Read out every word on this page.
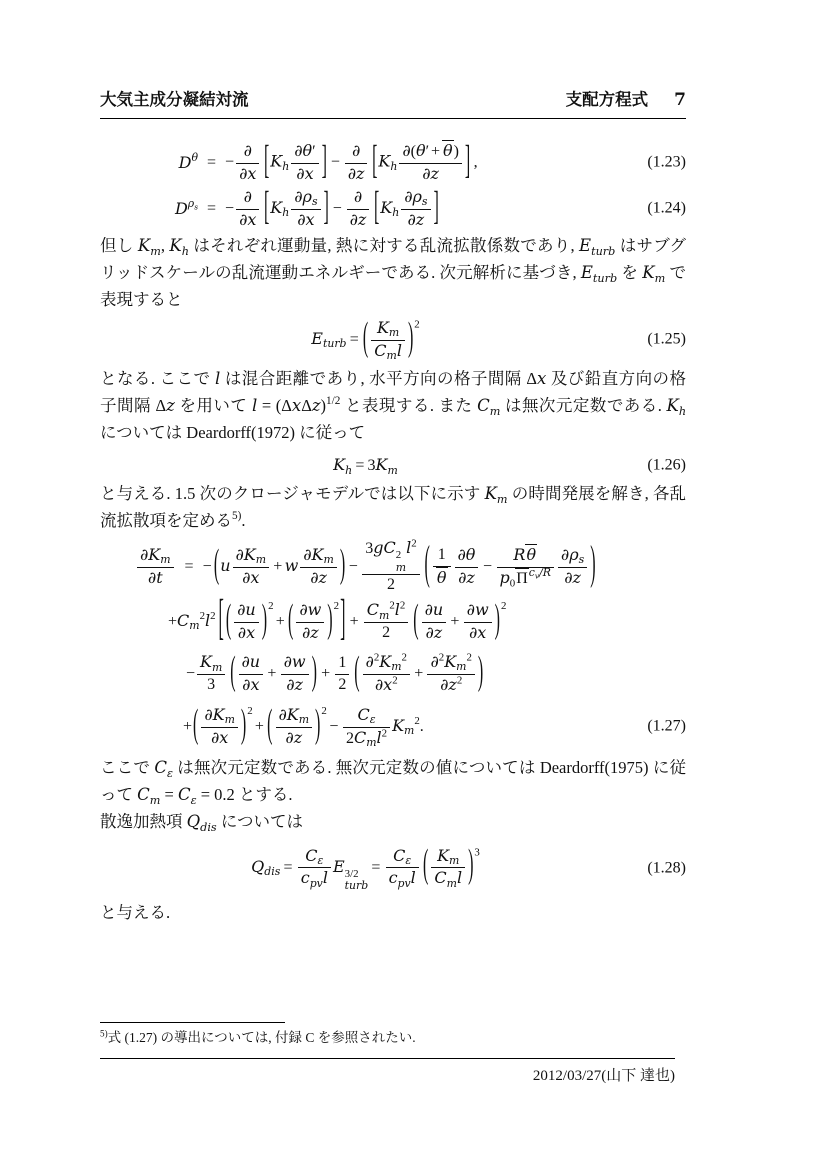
大気主成分凝結対流	支配方程式 7
D θ = −
∂
∂x [$K_h \frac{\partial\theta'}{\partial x}$ ] −
∂
∂z [$K_h \frac{\partial(\theta' + \theta)}{\partial z}$ ] ,	(1.23)
D $\rho_s$ = −
∂
∂x [$K_h \frac{\partial\rho_s}{\partial x}$ ] −
∂
∂z [$K_h \frac{\partial\rho_s}{\partial z}$ ]	(1.24)

但し $K_m$, $K_h$ はそれぞれ運動量, 熱に対する乱流拡散係数であり, $E_{turb}$ はサブグリッドスケールの乱流運動エネルギーである. 次元解析に基づき, $E_{turb}$ を $K_m$ で表現すると

$E_{turb}$ = ( $K_m$
$C_ml$ )$^2$
(1.25)

となる. ここで l は混合距離であり, 水平方向の格子間隔 Δx 及び鉛直方向の格子間隔 Δz を用いて $l = (\Delta x\Delta z)^{1/2}$ と表現する. また $C_m$ は無次元定数である. $K_h$ については Deardorff(1972) に従って

$K_h = 3K_m$	(1.26)

と与える. 1.5 次のクロージャモデルでは以下に示す $K_m$ の時間発展を解き, 各乱流拡散項を定める$^{5)}$.

$\frac{\partial K_m}{\partial t}$ = − ($u \frac{\partial K_m}{\partial x} + w \frac{\partial K_m}{\partial z}$ ) − 3gC 2
m
$l^2$
2 ( $\frac{1}{\theta} \frac{\partial\theta}{\partial z}$ −
Rθ
$p_0\Pi^{c_v/R} \frac{\partial\rho_s}{\partial z}$ )
$+C_m^2l^2$ [ ( $\frac{\partial u}{\partial x} )^2+$ ( $\frac{\partial w}{\partial z} )^2] + \frac{C_m^2l^2}{2}$ ( $\frac{\partial u}{\partial z} + \frac{\partial w}{\partial x} )^2$
− $\frac{K_m}{3}$ ( $\frac{\partial u}{\partial x} + \frac{\partial w}{\partial z}$ ) + $\frac{1}{2}$ ( $\frac{\partial^2K_m^2}{\partial x^2} + \frac{\partial^2K_m^2}{\partial z^2}$ )
+( $\frac{\partial K_m}{\partial x} )^2+$ ( $\frac{\partial K_m}{\partial z} )^2-$
$C_\varepsilon$
$2C_ml^2$ $K_m^2$.	(1.27)

ここで $C_\varepsilon$ は無次元定数である. 無次元定数の値については Deardorff(1975) に従って $C_m = C_\varepsilon = 0.2$ とする.

散逸加熱項 $Q_{dis}$ については

$Q_{dis}$ =
$C_\varepsilon$
$c_{pv}l$
E 3/2
turb
=
$C_\varepsilon$
$c_{pv}l$ ( $K_m$
$C_ml$ )$^3$
(1.28)

と与える.

$^{5)}$式 (1.27) の導出については, 付録 C を参照されたい.
2012/03/27(山下 達也)
